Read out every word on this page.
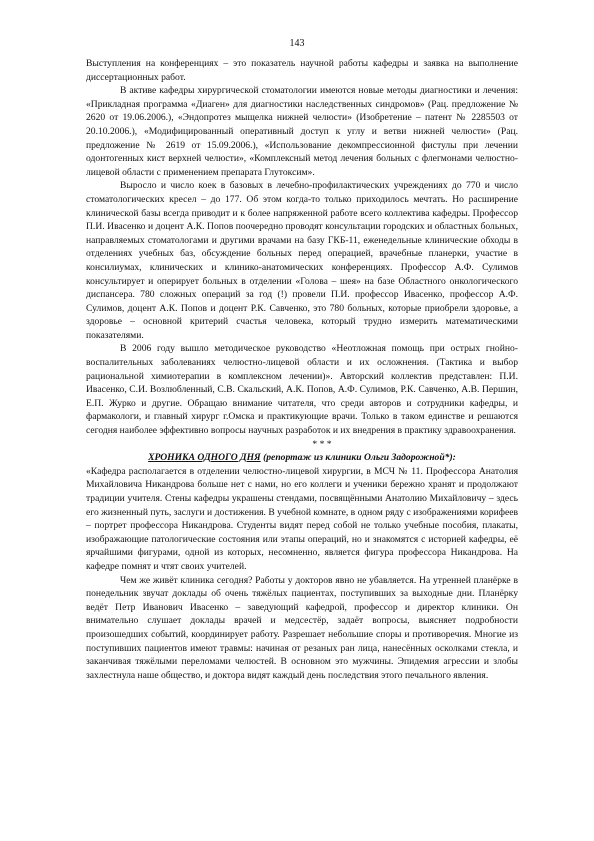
143

Выступления на конференциях – это показатель научной работы кафедры и заявка на выполнение диссертационных работ.

В активе кафедры хирургической стоматологии имеются новые методы диагностики и лечения: «Прикладная программа «Диаген» для диагностики наследственных синдромов» (Рац. предложение № 2620 от 19.06.2006.), «Эндопротез мыщелка нижней челюсти» (Изобретение – патент № 2285503 от 20.10.2006.), «Модифицированный оперативный доступ к углу и ветви нижней челюсти» (Рац. предложение № 2619 от 15.09.2006.), «Использование декомпрессионной фистулы при лечении одонтогенных кист верхней челюсти», «Комплексный метод лечения больных с флегмонами челюстно-лицевой области с применением препарата Глутоксим».

Выросло и число коек в базовых в лечебно-профилактических учреждениях до 770 и число стоматологических кресел – до 177. Об этом когда-то только приходилось мечтать. Но расширение клинической базы всегда приводит и к более напряженной работе всего коллектива кафедры. Профессор П.И. Ивасенко и доцент А.К. Попов поочередно проводят консультации городских и областных больных, направляемых стоматологами и другими врачами на базу ГКБ-11, еженедельные клинические обходы в отделениях учебных баз, обсуждение больных перед операцией, врачебные планерки, участие в консилиумах, клинических и клинико-анатомических конференциях. Профессор А.Ф. Сулимов консультирует и оперирует больных в отделении «Голова – шея» на базе Областного онкологического диспансера. 780 сложных операций за год (!) провели П.И. профессор Ивасенко, профессор А.Ф. Сулимов, доцент А.К. Попов и доцент Р.К. Савченко, это 780 больных, которые приобрели здоровье, а здоровье – основной критерий счастья человека, который трудно измерить математическими показателями.

В 2006 году вышло методическое руководство «Неотложная помощь при острых гнойно-воспалительных заболеваниях челюстно-лицевой области и их осложнения. (Тактика и выбор рациональной химиотерапии в комплексном лечении)». Авторский коллектив представлен: П.И. Ивасенко, С.И. Возлюбленный, С.В. Скальский, А.К. Попов, А.Ф. Сулимов, Р.К. Савченко, А.В. Першин, Е.П. Журко и другие. Обращаю внимание читателя, что среди авторов и сотрудники кафедры, и фармакологи, и главный хирург г.Омска и практикующие врачи. Только в таком единстве и решаются сегодня наиболее эффективно вопросы научных разработок и их внедрения в практику здравоохранения.

* * *

ХРОНИКА ОДНОГО ДНЯ (репортаж из клиники Ольги Задорожной*):

«Кафедра располагается в отделении челюстно-лицевой хирургии, в МСЧ № 11. Профессора Анатолия Михайловича Никандрова больше нет с нами, но его коллеги и ученики бережно хранят и продолжают традиции учителя. Стены кафедры украшены стендами, посвящёнными Анатолию Михайловичу – здесь его жизненный путь, заслуги и достижения. В учебной комнате, в одном ряду с изображениями корифеев – портрет профессора Никандрова. Студенты видят перед собой не только учебные пособия, плакаты, изображающие патологические состояния или этапы операций, но и знакомятся с историей кафедры, её ярчайшими фигурами, одной из которых, несомненно, является фигура профессора Никандрова. На кафедре помнят и чтят своих учителей.

Чем же живёт клиника сегодня? Работы у докторов явно не убавляется. На утренней планёрке в понедельник звучат доклады об очень тяжёлых пациентах, поступивших за выходные дни. Планёрку ведёт Петр Иванович Ивасенко – заведующий кафедрой, профессор и директор клиники. Он внимательно слушает доклады врачей и медсестёр, задаёт вопросы, выясняет подробности произошедших событий, координирует работу. Разрешает небольшие споры и противоречия. Многие из поступивших пациентов имеют травмы: начиная от резаных ран лица, нанесённых осколками стекла, и заканчивая тяжёлыми переломами челюстей. В основном это мужчины. Эпидемия агрессии и злобы захлестнула наше общество, и доктора видят каждый день последствия этого печального явления.
